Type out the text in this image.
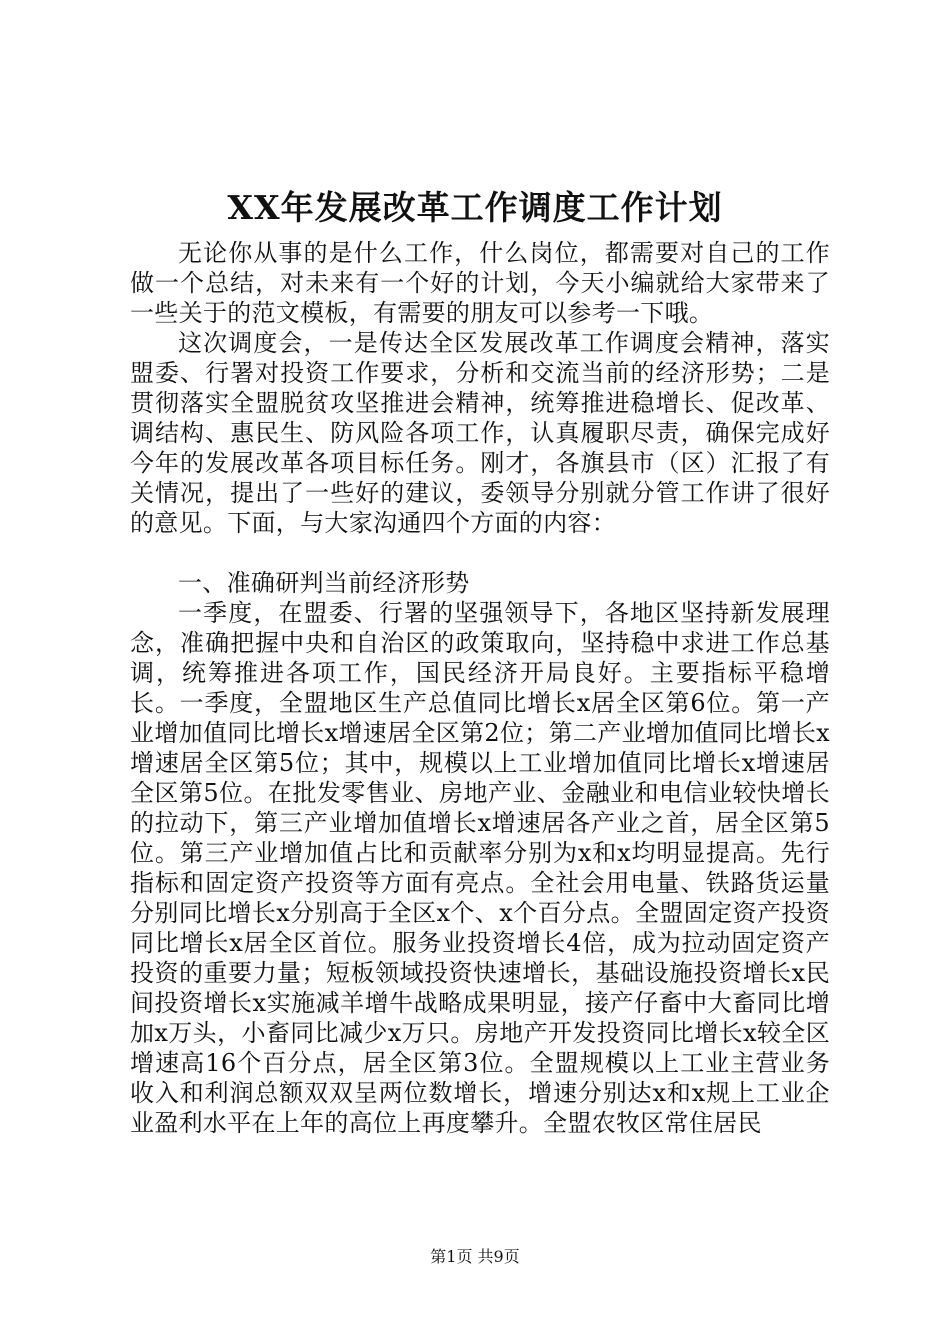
XX年发展改革工作调度工作计划

无论你从事的是什么工作，什么岗位，都需要对自己的工作做一个总结，对未来有一个好的计划，今天小编就给大家带来了一些关于的范文模板，有需要的朋友可以参考一下哦。

这次调度会，一是传达全区发展改革工作调度会精神，落实盟委、行署对投资工作要求，分析和交流当前的经济形势；二是贯彻落实全盟脱贫攻坚推进会精神，统筹推进稳增长、促改革、调结构、惠民生、防风险各项工作，认真履职尽责，确保完成好今年的发展改革各项目标任务。刚才，各旗县市（区）汇报了有关情况，提出了一些好的建议，委领导分别就分管工作讲了很好的意见。下面，与大家沟通四个方面的内容：

一、准确研判当前经济形势

一季度，在盟委、行署的坚强领导下，各地区坚持新发展理念，准确把握中央和自治区的政策取向，坚持稳中求进工作总基调，统筹推进各项工作，国民经济开局良好。主要指标平稳增长。一季度，全盟地区生产总值同比增长x居全区第6位。第一产业增加值同比增长x增速居全区第2位；第二产业增加值同比增长x增速居全区第5位；其中，规模以上工业增加值同比增长x增速居全区第5位。在批发零售业、房地产业、金融业和电信业较快增长的拉动下，第三产业增加值增长x增速居各产业之首，居全区第5位。第三产业增加值占比和贡献率分别为x和x均明显提高。先行指标和固定资产投资等方面有亮点。全社会用电量、铁路货运量分别同比增长x分别高于全区x个、x个百分点。全盟固定资产投资同比增长x居全区首位。服务业投资增长4倍，成为拉动固定资产投资的重要力量；短板领域投资快速增长，基础设施投资增长x民间投资增长x实施减羊增牛战略成果明显，接产仔畜中大畜同比增加x万头，小畜同比减少x万只。房地产开发投资同比增长x较全区增速高16个百分点，居全区第3位。全盟规模以上工业主营业务收入和利润总额双双呈两位数增长，增速分别达x和x规上工业企业盈利水平在上年的高位上再度攀升。全盟农牧区常住居民

第1页 共9页
